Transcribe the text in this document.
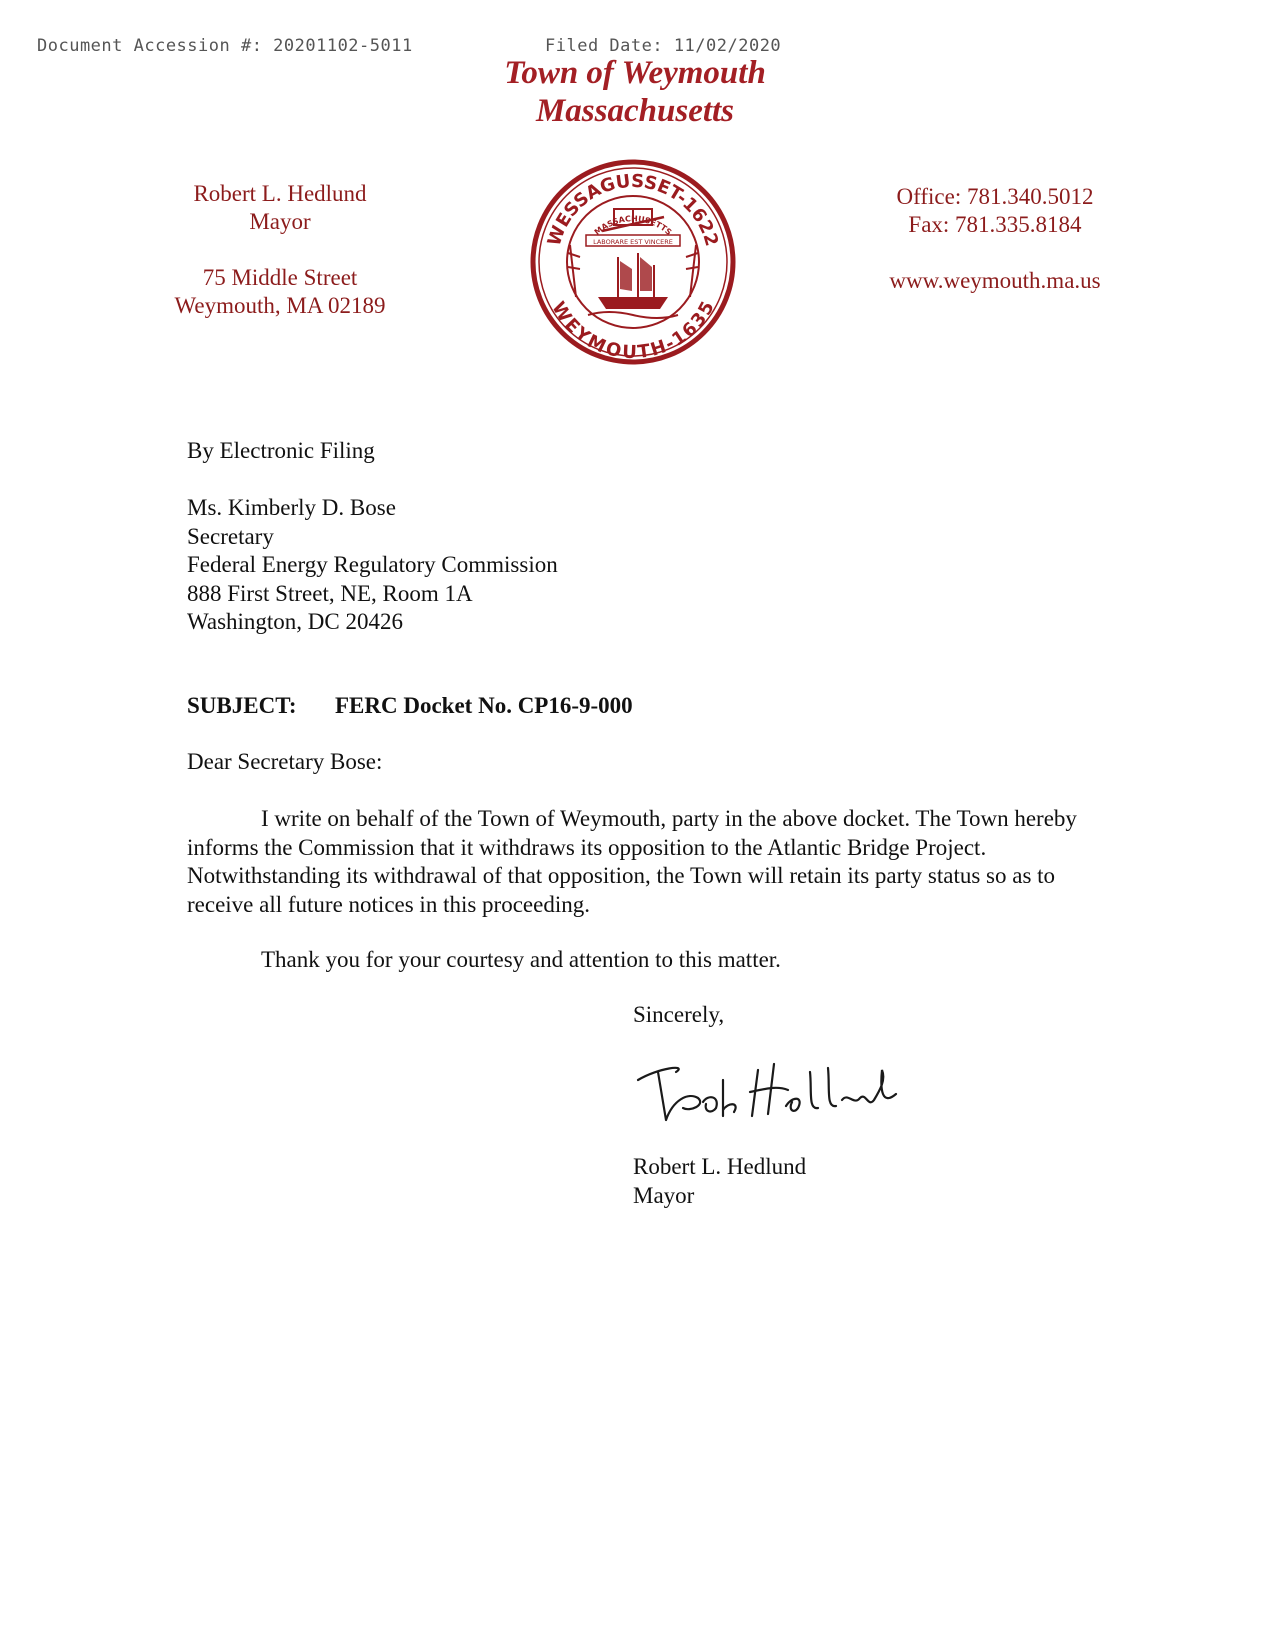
Document Accession #: 20201102-5011	Filed Date: 11/02/2020
Town of Weymouth
Massachusetts
Robert L. Hedlund
Mayor
75 Middle Street
Weymouth, MA 02189
Office: 781.340.5012
Fax: 781.335.8184
www.weymouth.ma.us
WESSAGUSSET-1622
WEYMOUTH-1635
LABORARE EST VINCERE
MASSACHUSETTS
By Electronic Filing
Ms. Kimberly D. Bose
Secretary
Federal Energy Regulatory Commission
888 First Street, NE, Room 1A
Washington, DC 20426
SUBJECT: FERC Docket No. CP16-9-000
Dear Secretary Bose:
I write on behalf of the Town of Weymouth, party in the above docket. The Town hereby informs the Commission that it withdraws its opposition to the Atlantic Bridge Project. Notwithstanding its withdrawal of that opposition, the Town will retain its party status so as to receive all future notices in this proceeding.
Thank you for your courtesy and attention to this matter.
Sincerely,
Robert L. Hedlund
Mayor
